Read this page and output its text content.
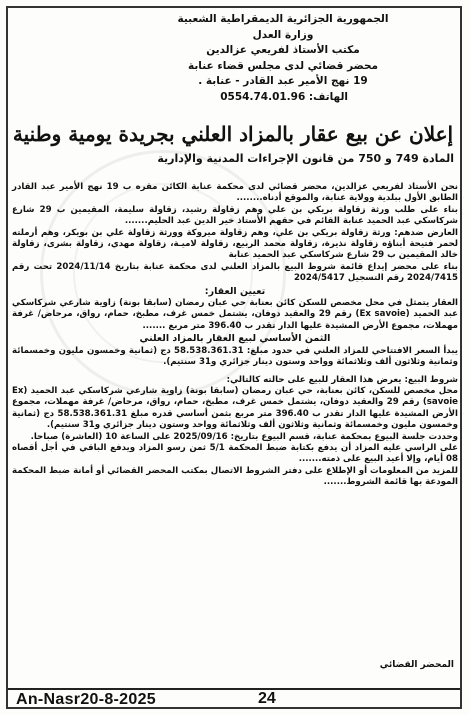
الجمهورية الجزائرية الديمقراطية الشعبية
وزارة العدل
مكتب الأستاذ لفريعي عزالدين
محضر قضائي لدى مجلس قضاء عنابة
19 نهج الأمير عبد القادر - عنابة .
الهاتف: 0554.74.01.96
إعلان عن بيع عقار بالمزاد العلني بجريدة يومية وطنية
المادة 749 و 750 من قانون الإجراءات المدنية والإدارية

نحن الأستاذ لفريعي عزالدين، محضر قضائي لدى محكمة عنابة الكائن مقره ب 19 نهج الأمير عبد القادر الطابق الأول ببلدية وولاية عنابة، والموقع أدناه........

بناء على طلب ورثة زقاولة بريكي بن علي وهم زقاولة رشيد، زقاولة سليمة، المقيمين ب 29 شارع شركاسكي عبد الحميد عنابة القائم في حقهم الأستاذ خير الدين عبد الحليم.......

العارض ضدهم: ورثة زقاولة بريكي بن علي، وهم زقاولة ميروكة وورثة زقاولة علي بن بويكر، وهم أرملته لحمر فتيحة أبناؤه زقاولة نذيرة، زقاولة محمد الربيع، زقاولة لاميـة، زقاولة مهدي، زقاولة بشرى، زقاولة خالد المقيمين ب 29 شارع شركاسكي عبد الحميد عنابة

بناء على محضر إيداع قائمة شروط البيع بالمزاد العلني لدى محكمة عنابة بتاريخ 2024/11/14 تحت رقم 2024/7415 رقم التسجيل 2024/5417

تعيين العقار:

العقار يتمثل في محل مخصص للسكن كائن بعنابة حي عبان رمضان (سابقا بونة) زاوية شارعي شركاسكي عبد الحميد (Ex savoie) رقم 29 والعقيد دوفان، يشتمل خمس غرف، مطبخ، حمام، رواق، مرحاض/ غرفة مهملات، مجموع الأرض المشيدة عليها الدار تقدر ب 396.40 متر مربع .......

الثمن الأساسي لبيع العقار بالمزاد العلني

يبدأ السعر الافتتاحي للمزاد العلني في حدود مبلغ: 58.538.361.31 دج (ثمانية وخمسون مليون وخمسمائة وثمانية وثلاثون ألف وثلاثمائة وواحد وستون دينار جزائري و31 سنتيم).

شروط البيع: يعرض هذا العقار للبيع على حالته كالتالي:

محل مخصص للسكن، كائن بعنابة، حي عبان رمضان (سابقا بونة) زاوية شارعي شركاسكي عبد الحميد (Ex savoie) رقم 29 والعقيد دوفان، يشتمل خمس غرف، مطبخ، حمام، رواق، مرحاض/ غرفة مهملات، مجموع الأرض المشيدة عليها الدار تقدر ب 396.40 متر مربع بثمن أساسي قدره مبلغ 58.538.361.31 دج (ثمانية وخمسون مليون وخمسمائة وثمانية وثلاثون ألف وثلاثمائة وواحد وستون دينار جزائري و31 سنتيم).

وحددت جلسة البيوع بمحكمة عنابة، قسم البيوع بتاريخ: 2025/09/16 على الساعة 10 (العاشرة) صباحا.

على الراسي عليه المزاد أن يدفع بكتابة ضبط المحكمة 5/1 ثمن رسو المزاد ويدفع الباقي في أجل أقصاه 08 أيام، وإلا أعيد البيع على ذمته.......

للمزيد من المعلومات أو الإطلاع على دفتر الشروط الاتصال بمكتب المحضر القضائي أو أمانة ضبط المحكمة المودعة بها قائمة الشروط.......

المحضر القضائي
An-Nasr20-8-2025	24
